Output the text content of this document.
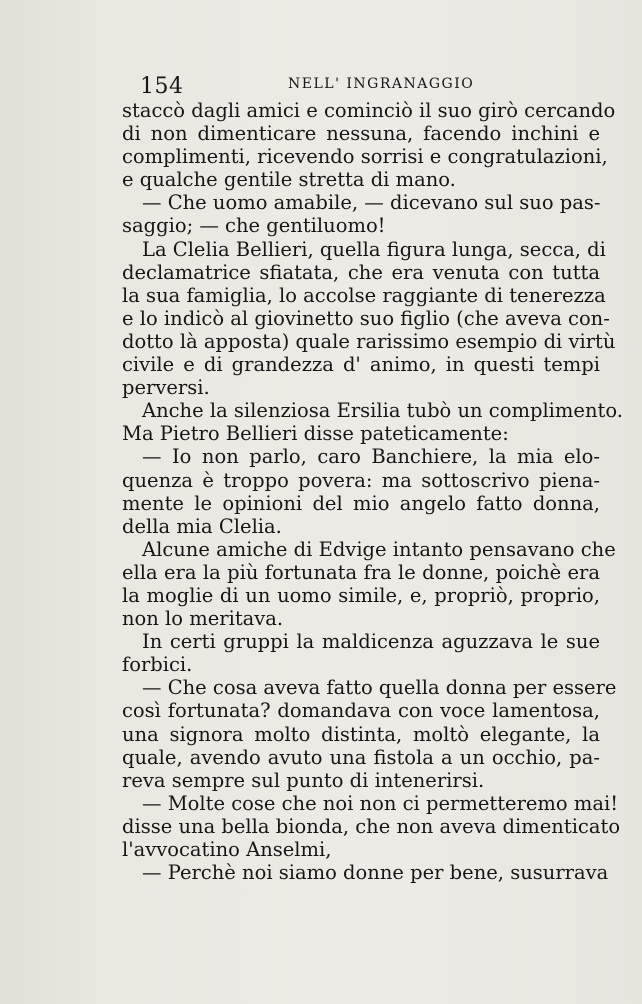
154	NELL' INGRANAGGIO
staccò dagli amici e cominciò il suo girò cercando
di non dimenticare nessuna, facendo inchini e
complimenti, ricevendo sorrisi e congratulazioni,
e qualche gentile stretta di mano.
— Che uomo amabile, — dicevano sul suo pas-
saggio; — che gentiluomo!
La Clelia Bellieri, quella figura lunga, secca, di
declamatrice sfiatata, che era venuta con tutta
la sua famiglia, lo accolse raggiante di tenerezza
e lo indicò al giovinetto suo figlio (che aveva con-
dotto là apposta) quale rarissimo esempio di virtù
civile e di grandezza d' animo, in questi tempi
perversi.
Anche la silenziosa Ersilia tubò un complimento.
Ma Pietro Bellieri disse pateticamente:
— Io non parlo, caro Banchiere, la mia elo-
quenza è troppo povera: ma sottoscrivo piena-
mente le opinioni del mio angelo fatto donna,
della mia Clelia.
Alcune amiche di Edvige intanto pensavano che
ella era la più fortunata fra le donne, poichè era
la moglie di un uomo simile, e, propriò, proprio,
non lo meritava.
In certi gruppi la maldicenza aguzzava le sue
forbici.
— Che cosa aveva fatto quella donna per essere
così fortunata? domandava con voce lamentosa,
una signora molto distinta, moltò elegante, la
quale, avendo avuto una fistola a un occhio, pa-
reva sempre sul punto di intenerirsi.
— Molte cose che noi non ci permetteremo mai!
disse una bella bionda, che non aveva dimenticato
l'avvocatino Anselmi,
— Perchè noi siamo donne per bene, susurrava
